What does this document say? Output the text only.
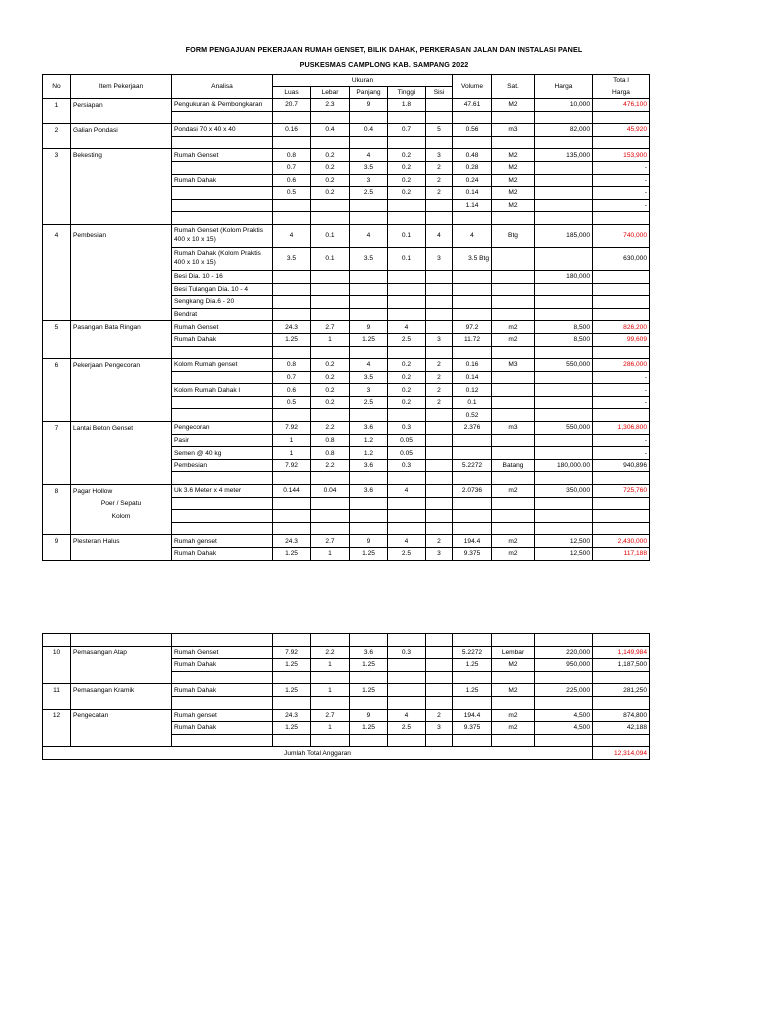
FORM PENGAJUAN PEKERJAAN RUMAH GENSET, BILIK DAHAK, PERKERASAN JALAN DAN INSTALASI PANEL
PUSKESMAS CAMPLONG KAB. SAMPANG 2022
No	Item Pekerjaan	Analisa	Ukuran					Volume	Sat.	Harga	Tota l
			Luas	Lebar	Panjang	Tinggi	Sisi				Harga
1	Persiapan	Pengukuran & Pembongkaran	20.7	2.3	9	1.8		47.61	M2	10,000	476,100

2	Galian Pondasi	Pondasi 70 x 40 x 40	0.16	0.4	0.4	0.7	5	0.56	m3	82,000	45,920

3	Bekesting	Rumah Genset	0.8	0.2	4	0.2	3	0.48	M2	135,000	153,900
			0.7	0.2	3.5	0.2	2	0.28	M2		-
		Rumah Dahak	0.6	0.2	3	0.2	2	0.24	M2		-
			0.5	0.2	2.5	0.2	2	0.14	M2		-
								1.14	M2		-

4	Pembesian	Rumah Genset (Kolom Praktis 400 x 10 x 15)	4	0.1	4	0.1	4	4	Btg	185,000	740,000
		Rumah Dahak (Kolom Praktis 400 x 10 x 15)	3.5	0.1	3.5	0.1	3	3.5 Btg			630,000
		Besi Dia. 10 - 16								180,000	
		Besi Tulangan Dia. 10 - 4									
		Sengkang Dia.6 - 20									
		Bendrat									
5	Pasangan Bata Ringan	Rumah Genset	24.3	2.7	9	4		97.2	m2	8,500	826,200
		Rumah Dahak	1.25	1	1.25	2.5	3	11.72	m2	8,500	99,609

6	Pekerjaan Pengecoran	Kolom Rumah genset	0.8	0.2	4	0.2	2	0.16	M3	550,000	286,000
			0.7	0.2	3.5	0.2	2	0.14			-
		Kolom Rumah Dahak l	0.6	0.2	3	0.2	2	0.12			-
			0.5	0.2	2.5	0.2	2	0.1			-
								0.52			
7	Lantai Beton Genset	Pengecoran	7.92	2.2	3.6	0.3		2.376	m3	550,000	1,306,800
		Pasir	1	0.8	1.2	0.05					-
		Semen @ 40 kg	1	0.8	1.2	0.05					-
		Pembesian	7.92	2.2	3.6	0.3		5.2272	Batang	180,000.00	940,896

8	Pagar Hollow	Uk 3.6 Meter x 4 meter	0.144	0.04	3.6	4		2.0736	m2	350,000	725,760
	Poer / Sepatu										
	Kolom										

9	Plesteran Halus	Rumah genset	24.3	2.7	9	4	2	194.4	m2	12,500	2,430,000
		Rumah Dahak	1.25	1	1.25	2.5	3	9.375	m2	12,500	117,188

10	Pemasangan Atap	Rumah Genset	7.92	2.2	3.6	0.3		5.2272	Lembar	220,000	1,149,984
		Rumah Dahak	1.25	1	1.25			1.25	M2	950,000	1,187,500

11	Pemasangan Kramik	Rumah Dahak	1.25	1	1.25			1.25	M2	225,000	281,250

12	Pengecatan	Rumah genset	24.3	2.7	9	4	2	194.4	m2	4,500	874,800
		Rumah Dahak	1.25	1	1.25	2.5	3	9.375	m2	4,500	42,188

Jumlah Total Anggaran											12,314,094
